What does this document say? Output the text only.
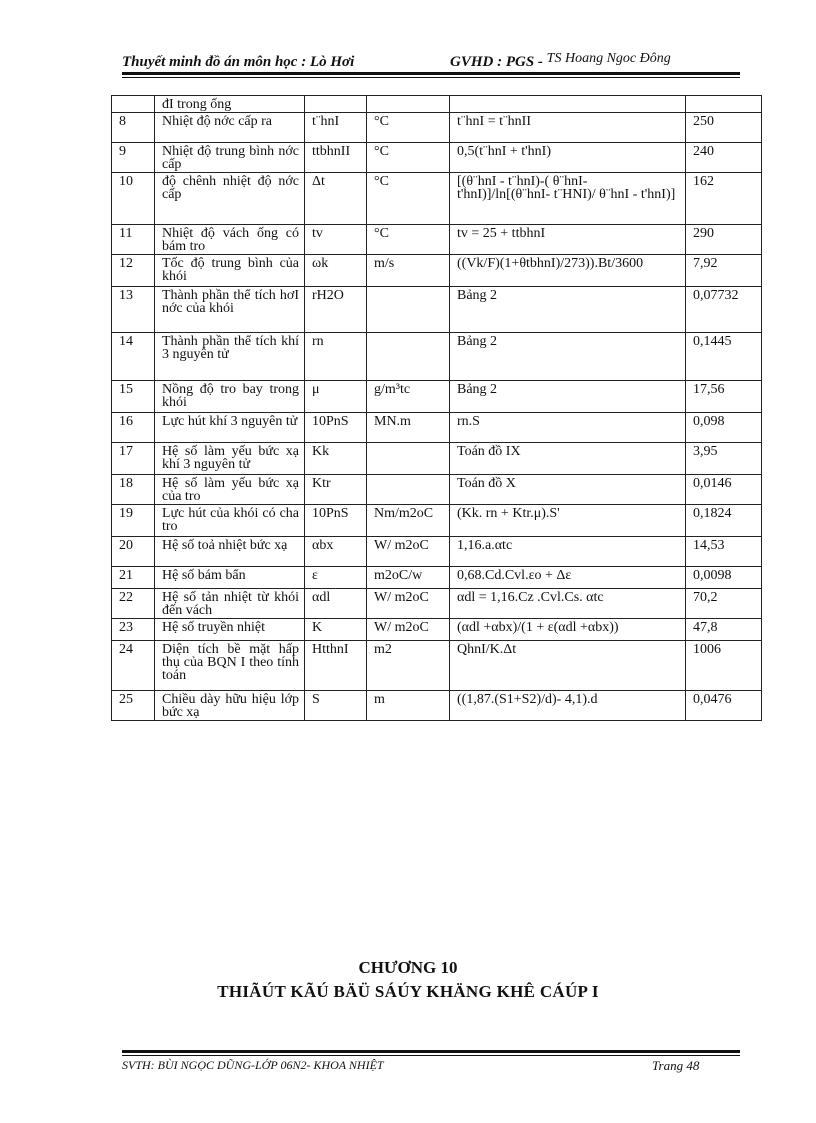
Thuyết minh đồ án môn học : Lò Hơi	GVHD : PGS - TS Hoang Ngoc Đông
	đI trong ống				
8	Nhiệt độ nớc cấp ra	t¨hnI	°C	t¨hnI = t¨hnII	250
9	Nhiệt độ trung bình nớc cấp	ttbhnII	°C	0,5(t¨hnI + t'hnI)	240
10	độ chênh nhiệt độ nớc cấp	Δt	°C	[(θ¨hnI - t¨hnI)-( θ¨hnI-t'hnI)]/ln[(θ¨hnI- t¨HNI)/ θ¨hnI - t'hnI)]	162
11	Nhiệt độ vách ống có bám tro	tv	°C	tv = 25 + ttbhnI	290
12	Tốc độ trung bình của khói	ωk	m/s	((Vk/F)(1+θtbhnI)/273)).Bt/3600	7,92
13	Thành phần thể tích hơI nớc của khói	rH2O		Bảng 2	0,07732
14	Thành phần thể tích khí 3 nguyên tử	rn		Bảng 2	0,1445
15	Nồng độ tro bay trong khói	μ	g/m³tc	Bảng 2	17,56
16	Lực hút khí 3 nguyên tử	10PnS	MN.m	rn.S	0,098
17	Hệ số làm yếu bức xạ khí 3 nguyên tử	Kk		Toán đồ IX	3,95
18	Hệ số làm yếu bức xạ của tro	Ktr		Toán đồ X	0,0146
19	Lực hút của khói có cha tro	10PnS	Nm/m2oC	(Kk. rn + Ktr.μ).S'	0,1824
20	Hệ số toả nhiệt bức xạ	αbx	W/ m2oC	1,16.a.αtc	14,53
21	Hệ số bám bẩn	ε	m2oC/w	0,68.Cd.Cvl.εo + Δε	0,0098
22	Hệ số tản nhiệt từ khói đến vách	αdl	W/ m2oC	αdl = 1,16.Cz .Cvl.Cs. αtc	70,2
23	Hệ số truyền nhiệt	K	W/ m2oC	(αdl +αbx)/(1 + ε(αdl +αbx))	47,8
24	Diện tích bề mặt hấp thụ của BQN I theo tính toán	HtthnI	m2	QhnI/K.Δt	1006
25	Chiều dày hữu hiệu lớp bức xạ	S	m	((1,87.(S1+S2)/d)- 4,1).d	0,0476
CHƯƠNG 10
THIÃÚT KÃÚ BÄÜ SÁÚY KHÄNG KHÊ CÁÚP I
SVTH: BÙI NGỌC DŨNG-LỚP 06N2- KHOA NHIỆT	Trang 48
